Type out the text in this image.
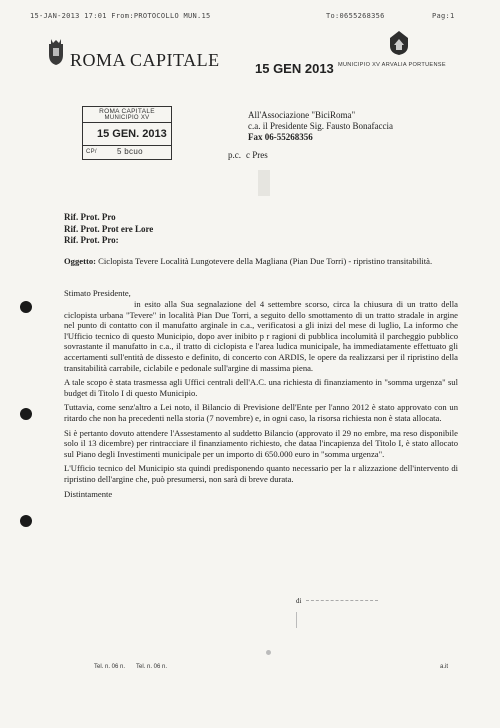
15-JAN-2013 17:01 From:PROTOCOLLO MUN.15	To:0655268356	Pag:1
ROMA CAPITALE	15 GEN 2013 MUNICIPIO XV ARVALIA PORTUENSE
ROMA CAPITALE
MUNICIPIO XV
15 GEN. 2013
CP/	5 bcuo
All'Associazione "BiciRoma"
c.a. il Presidente Sig. Fausto Bonafaccia
Fax 06-55268356
p.c. c Pres
Rif. Prot. Pro
Rif. Prot. Prot ere Lore
Rif. Prot. Pro:
Oggetto: Ciclopista Tevere Località Lungotevere della Magliana (Pian Due Torri) - ripristino transitabilità.
Stimato Presidente,

in esito alla Sua segnalazione del 4 settembre scorso, circa la chiusura di un tratto della ciclopista urbana "Tevere" in località Pian Due Torri, a seguito dello smottamento di un tratto stradale in argine nel punto di contatto con il manufatto arginale in c.a., verificatosi a gli inizi del mese di luglio, La informo che l'Ufficio tecnico di questo Municipio, dopo aver inibito p r ragioni di pubblica incolumità il parcheggio pubblico sovrastante il manufatto in c.a., il tratto di ciclopista e l'area ludica municipale, ha immediatamente effettuato gli accertamenti sull'entità de dissesto e definito, di concerto con ARDIS, le opere da realizzarsi per il ripristino della transitabilità carrabile, ciclabile e pedonale sull'argine di massima piena.

A tale scopo è stata trasmessa agli Uffici centrali dell'A.C. una richiesta di finanziamento in "somma urgenza" sul budget di Titolo I di questo Municipio.

Tuttavia, come senz'altro a Lei noto, il Bilancio di Previsione dell'Ente per l'anno 2012 è stato approvato con un ritardo che non ha precedenti nella storia (7 novembre) e, in ogni caso, la risorsa richiesta non è stata allocata.

Si è pertanto dovuto attendere l'Assestamento al suddetto Bilancio (approvato il 29 no embre, ma reso disponibile solo il 13 dicembre) per rintracciare il finanziamento richiesto, che dataa l'incapienza del Titolo I, è stato allocato sul Piano degli Investimenti municipale per un importo di 650.000 euro in "somma urgenza".

L'Ufficio tecnico del Municipio sta quindi predisponendo quanto necessario per la r alizzazione dell'intervento di ripristino dell'argine che, può presumersi, non sarà di breve durata.

Distintamente

di
Tel. n. 06 n. Tel. n. 06 n.	a.it
